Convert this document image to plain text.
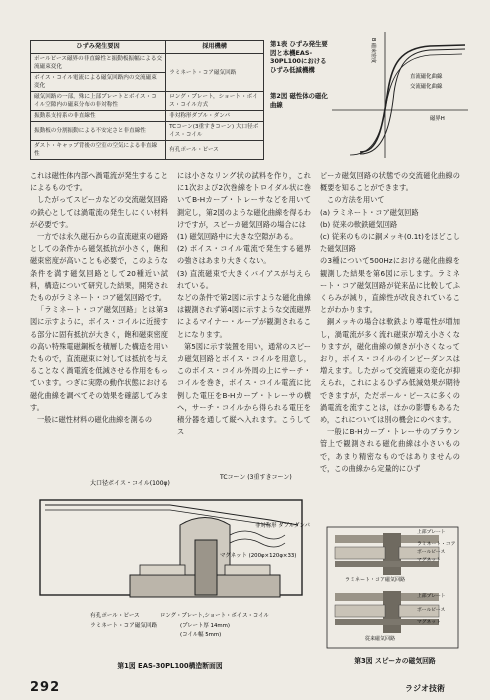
ひずみ発生要因	採用機構
ポールピース磁界の非直線性と振動板振幅による交流磁束変化	ラミネート・コア磁気回路
ボイス・コイル電流による磁気回路内の交流磁束変化	
磁気回路の一部，殊に上部プレートとボイス・コイル空隙内の磁束分布の非対称性	ロング・プレート，ショート・ボイス・コイル方式
振動系支持系の非直線性	非対称形ダブル・ダンパ
振動板の分割振動による不安定さと非直線性	TCコーン(3重すきコーン) 大口径ボイス・コイル
ダスト・キャップ背後の空室の空気による非直線性	有孔ポール・ピース
第1表 ひずみ発生要因と本機EAS-30PL100におけるひずみ低減機構
第2図 磁性体の磁化曲線
B 磁束密度
磁界H
直流磁化曲線
交流磁化曲線

これは磁性体内部へ渦電流が発生することによるものです。

したがってスピーカなどの交流磁気回路の鉄心としては渦電流の発生しにくい材料が必要です。

一方では永久磁石からの直流磁束の磁路としての条件から磁気抵抗が小さく，飽和磁束密度が高いことも必要で，このような条件を満す磁気回路として20種近い試料，構造について研究した結果，開発されたものがラミネート・コア磁気回路です。

「ラミネート・コア磁気回路」とは第3図に示すように，ボイス・コイルに近接する部分に固有抵抗が大きく，飽和磁束密度の高い特殊電磁鋼板を積層した構造を用いたもので，直流磁束に対しては抵抗を与えることなく渦電流を低減させる作用をもっています。つぎに実際の動作状態における磁化曲線を調べてその効果を確認してみます。

一般に磁性材料の磁化曲線を測るの

には小さなリング状の試料を作り，これに1次および2次巻線をトロイダル状に巻いてB-Hカーブ・トレーサなどを用いて測定し，第2図のような磁化曲線を得るわけですが，スピーカ磁気回路の場合には

(1) 磁気回路中に大きな空隙がある。

(2) ボイス・コイル電流で発生する磁界の強さはあまり大きくない。

(3) 直流磁束で大きくバイアスが与えられている。

などの条件で第2図に示すような磁化曲線は観測されず第4図に示すような交流磁界によるマイナー・ループが観測されることになります。

第5図に示す装置を用い，通常のスピーカ磁気回路とボイス・コイルを用意し，このボイス・コイル外周の上にサーチ・コイルを巻き，ボイス・コイル電流に比例した電圧をB-Hカーブ・トレーサの横へ，サーチ・コイルから得られる電圧を積分器を通して縦へ入れます。こうしてス

ピーカ磁気回路の状態での交流磁化曲線の概要を知ることができます。

この方法を用いて

(a) ラミネート・コア磁気回路

(b) 従来の軟鉄磁気回路

(c) 従来のものに銅メッキ(0.1t)をほどこした磁気回路

の3種について500Hzにおける磁化曲線を観測した結果を第6図に示します。ラミネート・コア磁気回路が従来品に比較してふくらみが減り，直線性が改良されていることがわかります。

銅メッキの場合は軟鉄より導電性が増加し，渦電流が多く流れ磁束が増え小さくなりますが，磁化曲線の傾きが小さくなっており，ボイス・コイルのインピーダンスは増えます。したがって交流磁束の変化が抑えられ，これによるひずみ低減効果が期待できますが，ただポール・ピースに多くの渦電流を流すことは，ほかの影響もあるため，これについては別の機会にのべます。

一般にB-Hカーブ・トレーサのブラウン管上で観測される磁化曲線は小さいもので，あまり精密なものではありませんので，この曲線から定量的にひず

大口径ボイス・コイル(100φ)
TCコーン (3重すきコーン)
非対称形 ダブルダンパ
マグネット (200φ×120φ×33)
有孔ポール・ピース
ラミネート・コア磁気回路
ロング・プレート,ショート・ボイス・コイル
(プレート厚 14mm)
(コイル幅 5mm)
第1図 EAS-30PL100構造断面図
上部プレート
ラミネート・コア
ポールピース
マグネット
ラミネート・コア磁気回路
上部プレート
ポールピース
マグネット
従来磁気回路
第3図 スピーカの磁気回路
292	ラジオ技術
